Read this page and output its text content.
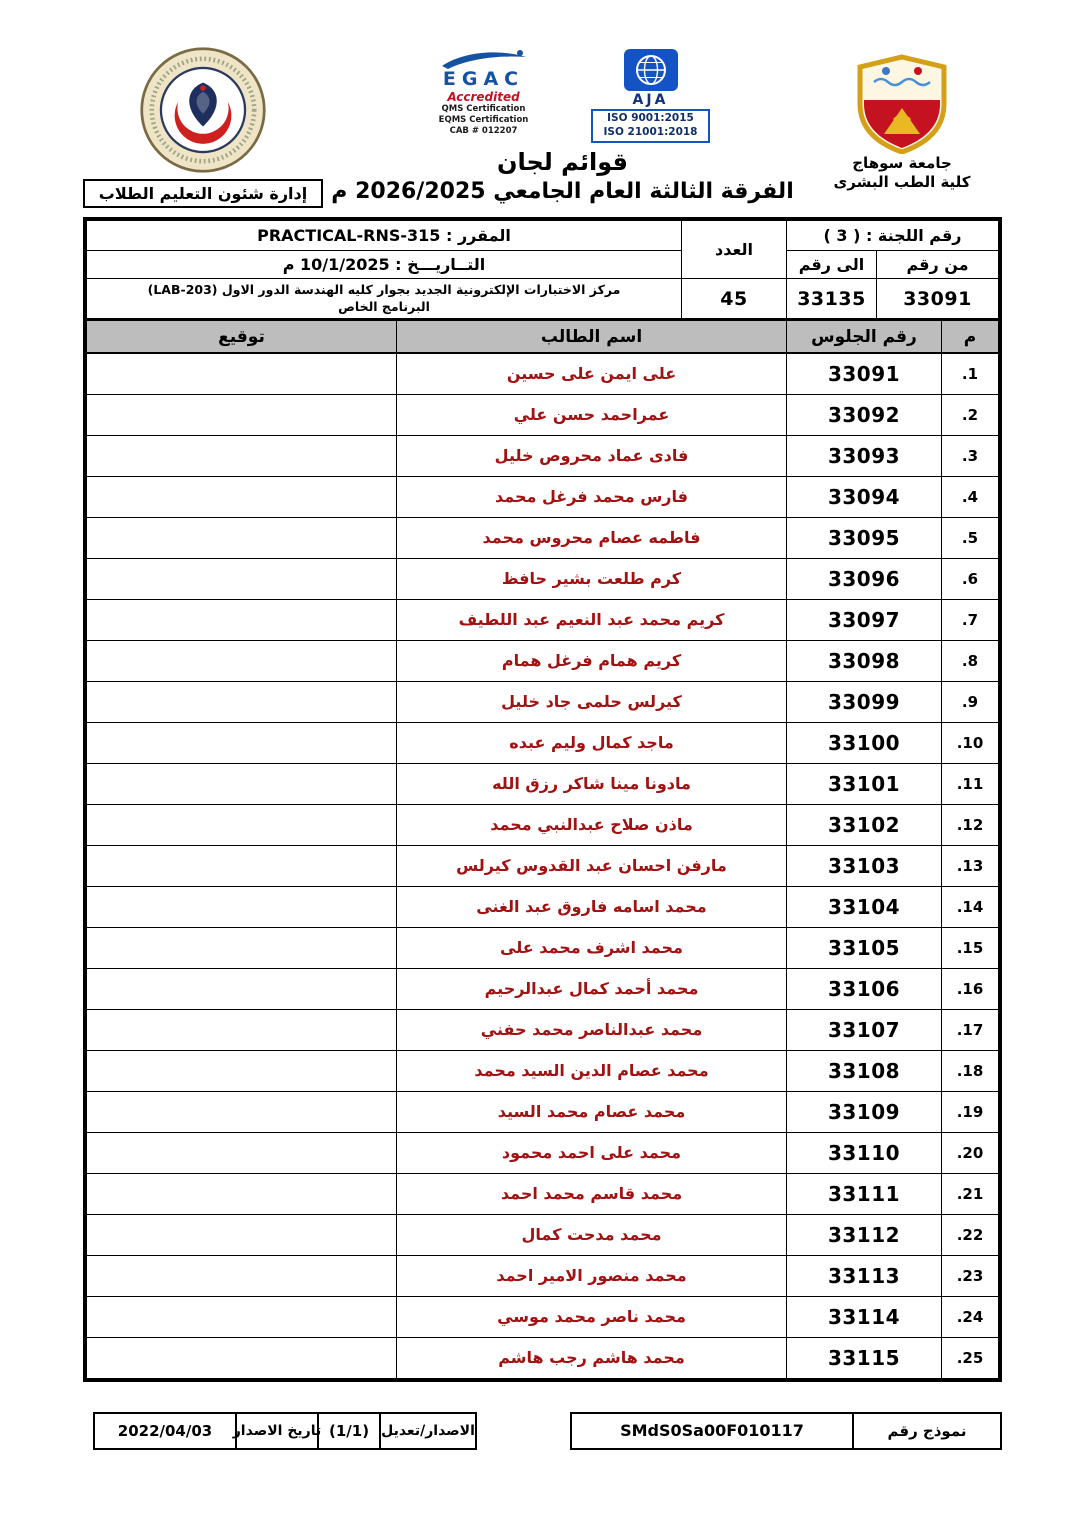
جامعة سوهاج
كلية الطب البشرى
EGAC
Accredited
QMS Certification
EQMS Certification
CAB # 012207
AJA
ISO 9001:2015
ISO 21001:2018
قوائم لجان
الفرقة الثالثة العام الجامعي 2026/2025 م
إدارة شئون التعليم الطلاب
رقم اللجنة : ( 3 )		العدد	المقرر : PRACTICAL-RNS-315
من رقم	الى رقم		التــاريـــخ : 10/1/2025 م
33091	33135	45	مركز الاختبارات الإلكترونية الجديد بجوار كليه الهندسة الدور الاول (LAB-203)
البرنامج الخاص
م	رقم الجلوس	اسم الطالب	توقيع
1.	33091	على ايمن على حسين	
2.	33092	عمراحمد حسن علي	
3.	33093	فادى عماد محروص خليل	
4.	33094	فارس محمد فرغل محمد	
5.	33095	فاطمه عصام محروس محمد	
6.	33096	كرم طلعت بشير حافظ	
7.	33097	كريم محمد عبد النعيم عبد اللطيف	
8.	33098	كريم همام فرغل همام	
9.	33099	كيرلس حلمى جاد خليل	
10.	33100	ماجد كمال وليم عبده	
11.	33101	مادونا مينا شاكر رزق الله	
12.	33102	ماذن صلاح عبدالنبي محمد	
13.	33103	مارفن احسان عبد القدوس كيرلس	
14.	33104	محمد اسامه فاروق عبد الغنى	
15.	33105	محمد اشرف محمد على	
16.	33106	محمد أحمد كمال عبدالرحيم	
17.	33107	محمد عبدالناصر محمد حفني	
18.	33108	محمد عصام الدين السيد محمد	
19.	33109	محمد عصام محمد السيد	
20.	33110	محمد على احمد محمود	
21.	33111	محمد قاسم محمد احمد	
22.	33112	محمد مدحت كمال	
23.	33113	محمد منصور الامير احمد	
24.	33114	محمد ناصر محمد موسي	
25.	33115	محمد هاشم رجب هاشم	
نموذج رقم
SMdS0Sa00F010117
الاصدار/تعديل
(1/1)
تاريخ الاصدار
2022/04/03
